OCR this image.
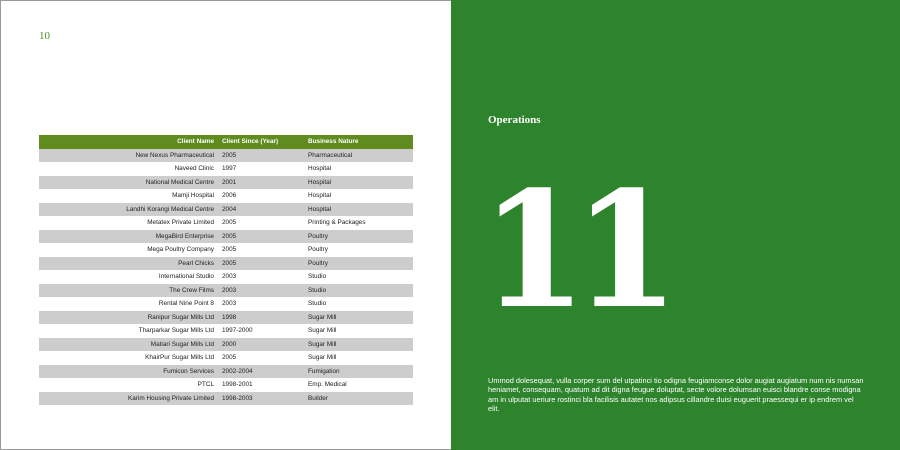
10
Client Name	Client Since (Year)	Business Nature
New Nexus Pharmaceutical	2005	Pharmaceutical
Naveed Clinic	1997	Hospital
National Medical Centre	2001	Hospital
Mamji Hospital	2006	Hospital
Landhi Korangi Medical Centre	2004	Hospital
Metatex Private Limited	2005	Printing & Packages
MegaBird Enterprise	2005	Poultry
Mega Poultry Company	2005	Poultry
Pearl Chicks	2005	Poultry
International Studio	2003	Studio
The Crew Films	2003	Studio
Rental Nine Point 8	2003	Studio
Ranipur Sugar Mills Ltd	1998	Sugar Mill
Tharparkar Sugar Mills Ltd	1997-2000	Sugar Mill
Matiari Sugar Mills Ltd	2000	Sugar Mill
KhairPur Sugar Mills Ltd	2005	Sugar Mill
Fumicon Services	2002-2004	Fumigation
PTCL	1998-2001	Emp. Medical
Karim Housing Private Limited	1998-2003	Builder
Operations
11
Ummod dolesequat, vulla corper sum del utpatinci tio odigna feugiamconse dolor augiat augiatum num nis numsan heniamet, consequam, quatum ad dit digna feugue doluptat, secte volore dolumsan euisci blandre conse modigna am in ulputat ueriure rostinci bla facilisis autatet nos adipsus cillandre duisi euguerit praessequi er ip endrem vel elit.
